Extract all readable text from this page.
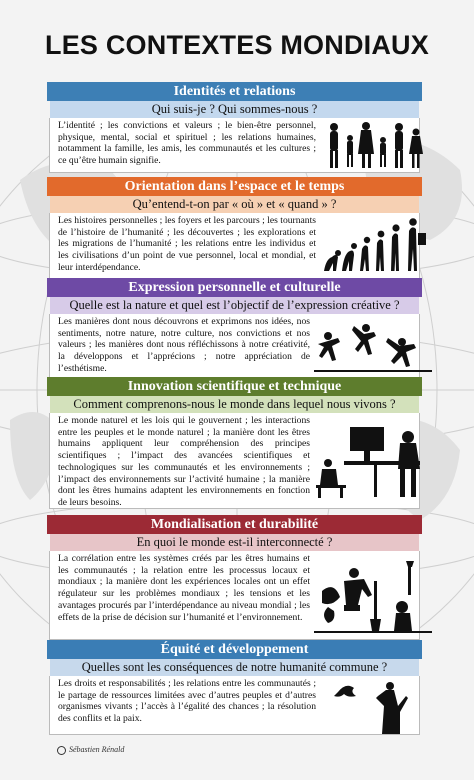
LES CONTEXTES MONDIAUX
Identités et relations
Qui suis-je ? Qui sommes-nous ?
L’identité ; les convictions et valeurs ; le bien-être personnel, physique, mental, social et spirituel ; les relations humaines, notamment la famille, les amis, les communautés et les cultures ; ce qu’être humain signifie.
Orientation dans l’espace et le temps
Qu’entend-t-on par « où » et « quand » ?
Les histoires personnelles ; les foyers et les parcours ; les tournants de l’histoire de l’humanité ; les découvertes ; les explorations et les migrations de l’humanité ; les relations entre les individus et les civilisations d’un point de vue personnel, local et mondial, et leur interdépendance.
Expression personnelle et culturelle
Quelle est la nature et quel est l’objectif de l’expression créative ?
Les manières dont nous découvrons et exprimons nos idées, nos sentiments, notre nature, notre culture, nos convictions et nos valeurs ; les manières dont nous réfléchissons à notre créativité, la développons et l’apprécions ; notre appréciation de l’esthétisme.
Innovation scientifique et technique
Comment comprenons-nous le monde dans lequel nous vivons ?
Le monde naturel et les lois qui le gouvernent ; les interactions entre les peuples et le monde naturel ; la manière dont les êtres humains appliquent leur compréhension des principes scientifiques ; l’impact des avancées scientifiques et technologiques sur les communautés et les environnements ; l’impact des environnements sur l’activité humaine ; la manière dont les êtres humains adaptent les environnements en fonction de leurs besoins.
Mondialisation et durabilité
En quoi le monde est-il interconnecté ?
La corrélation entre les systèmes créés par les êtres humains et les communautés ; la relation entre les processus locaux et mondiaux ; la manière dont les expériences locales ont un effet régulateur sur les problèmes mondiaux ; les tensions et les avantages procurés par l’interdépendance au niveau mondial ; les effets de la prise de décision sur l’humanité et l’environnement.
Équité et développement
Quelles sont les conséquences de notre humanité commune ?
Les droits et responsabilités ; les relations entre les communautés ; le partage de ressources limitées avec d’autres peuples et d’autres organismes vivants ; l’accès à l’égalité des chances ; la résolution des conflits et la paix.
Sébastien Rénald
